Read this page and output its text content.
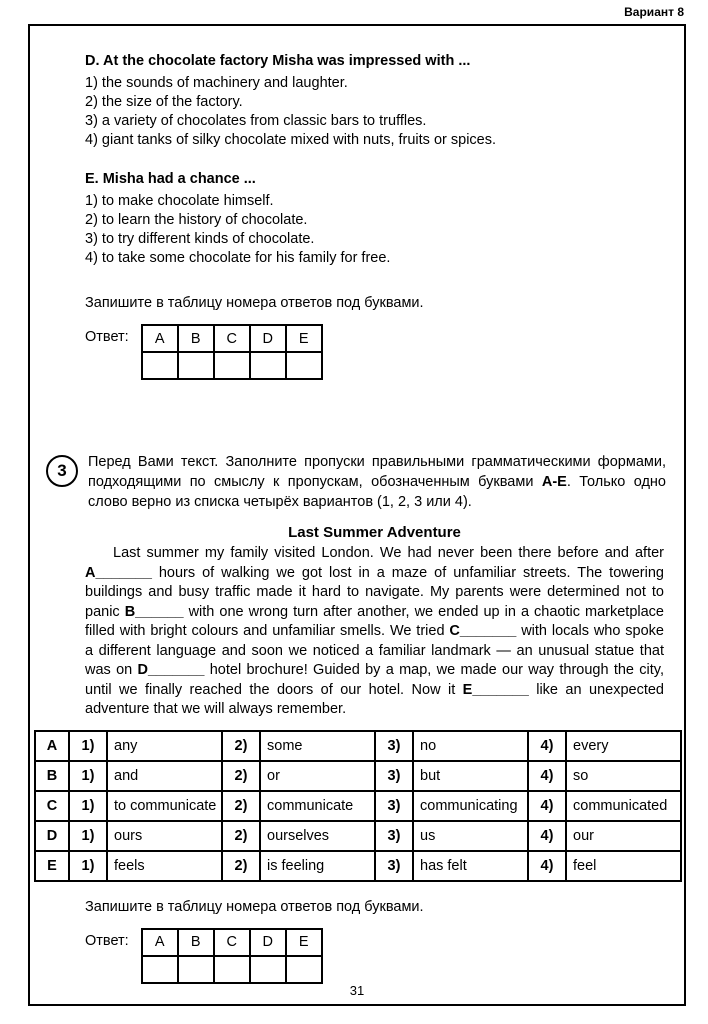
Вариант 8
D. At the chocolate factory Misha was impressed with ...
1) the sounds of machinery and laughter.
2) the size of the factory.
3) a variety of chocolates from classic bars to truffles.
4) giant tanks of silky chocolate mixed with nuts, fruits or spices.
E. Misha had a chance ...
1) to make chocolate himself.
2) to learn the history of chocolate.
3) to try different kinds of chocolate.
4) to take some chocolate for his family for free.
Запишите в таблицу номера ответов под буквами.
Ответ: A	B	C	D	E

3	Перед Вами текст. Заполните пропуски правильными грамматическими формами, подходящими по смыслу к пропускам, обозначенным буквами А-Е. Только одно слово верно из списка четырёх вариантов (1, 2, 3 или 4).
Last Summer Adventure

Last summer my family visited London. We had never been there before and after A_______ hours of walking we got lost in a maze of unfamiliar streets. The towering buildings and busy traffic made it hard to navigate. My parents were determined not to panic B______ with one wrong turn after another, we ended up in a chaotic marketplace filled with bright colours and unfamiliar smells. We tried C_______ with locals who spoke a different language and soon we noticed a familiar landmark — an unusual statue that was on D_______ hotel brochure! Guided by a map, we made our way through the city, until we finally reached the doors of our hotel. Now it E_______ like an unexpected adventure that we will always remember.

A	1)	any	2)	some	3)	no	4)	every
B	1)	and	2)	or	3)	but	4)	so
C	1)	to communicate	2)	communicate	3)	communicating	4)	communicated
D	1)	ours	2)	ourselves	3)	us	4)	our
E	1)	feels	2)	is feeling	3)	has felt	4)	feel
Запишите в таблицу номера ответов под буквами.
Ответ: A	B	C	D	E

31
